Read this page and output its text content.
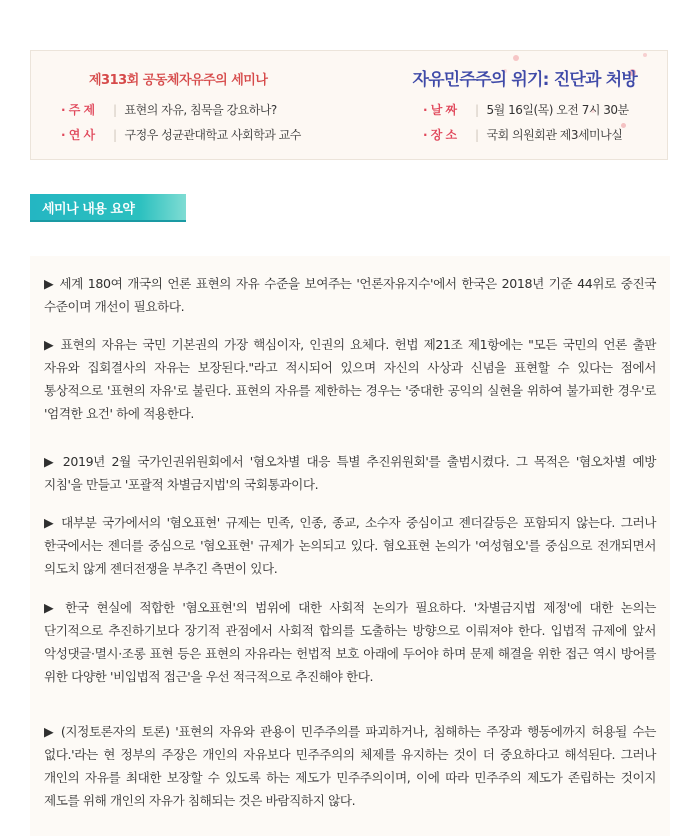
제313회 공동체자유주의 세미나	자유민주주의 위기: 진단과 처방
· 주 제	| 표현의 자유, 침묵을 강요하나?
· 연 사	| 구정우 성균관대학교 사회학과 교수
· 날 짜	| 5월 16일(목) 오전 7시 30분
· 장 소	| 국회 의원회관 제3세미나실
세미나 내용 요약
▶ 세계 180여 개국의 언론 표현의 자유 수준을 보여주는 '언론자유지수'에서 한국은 2018년 기준 44위로 중진국 수준이며 개선이 필요하다.
▶ 표현의 자유는 국민 기본권의 가장 핵심이자, 인권의 요체다. 헌법 제21조 제1항에는 "모든 국민의 언론 출판 자유와 집회결사의 자유는 보장된다."라고 적시되어 있으며 자신의 사상과 신념을 표현할 수 있다는 점에서 통상적으로 '표현의 자유'로 불린다. 표현의 자유를 제한하는 경우는 '중대한 공익의 실현을 위하여 불가피한 경우'로 '엄격한 요건' 하에 적용한다.
▶ 2019년 2월 국가인권위원회에서 '혐오차별 대응 특별 추진위원회'를 출범시켰다. 그 목적은 '혐오차별 예방 지침'을 만들고 '포괄적 차별금지법'의 국회통과이다.
▶ 대부분 국가에서의 '혐오표현' 규제는 민족, 인종, 종교, 소수자 중심이고 젠더갈등은 포함되지 않는다. 그러나 한국에서는 젠더를 중심으로 '혐오표현' 규제가 논의되고 있다. 혐오표현 논의가 '여성혐오'를 중심으로 전개되면서 의도치 않게 젠더전쟁을 부추긴 측면이 있다.
▶ 한국 현실에 적합한 '혐오표현'의 범위에 대한 사회적 논의가 필요하다. '차별금지법 제정'에 대한 논의는 단기적으로 추진하기보다 장기적 관점에서 사회적 합의를 도출하는 방향으로 이뤄져야 한다. 입법적 규제에 앞서 악성댓글·멸시·조롱 표현 등은 표현의 자유라는 헌법적 보호 아래에 두어야 하며 문제 해결을 위한 접근 역시 방어를 위한 다양한 '비입법적 접근'을 우선 적극적으로 추진해야 한다.
▶ (지정토론자의 토론) '표현의 자유와 관용이 민주주의를 파괴하거나, 침해하는 주장과 행동에까지 허용될 수는 없다.'라는 현 정부의 주장은 개인의 자유보다 민주주의의 체제를 유지하는 것이 더 중요하다고 해석된다. 그러나 개인의 자유를 최대한 보장할 수 있도록 하는 제도가 민주주의이며, 이에 따라 민주주의 제도가 존립하는 것이지 제도를 위해 개인의 자유가 침해되는 것은 바람직하지 않다.
